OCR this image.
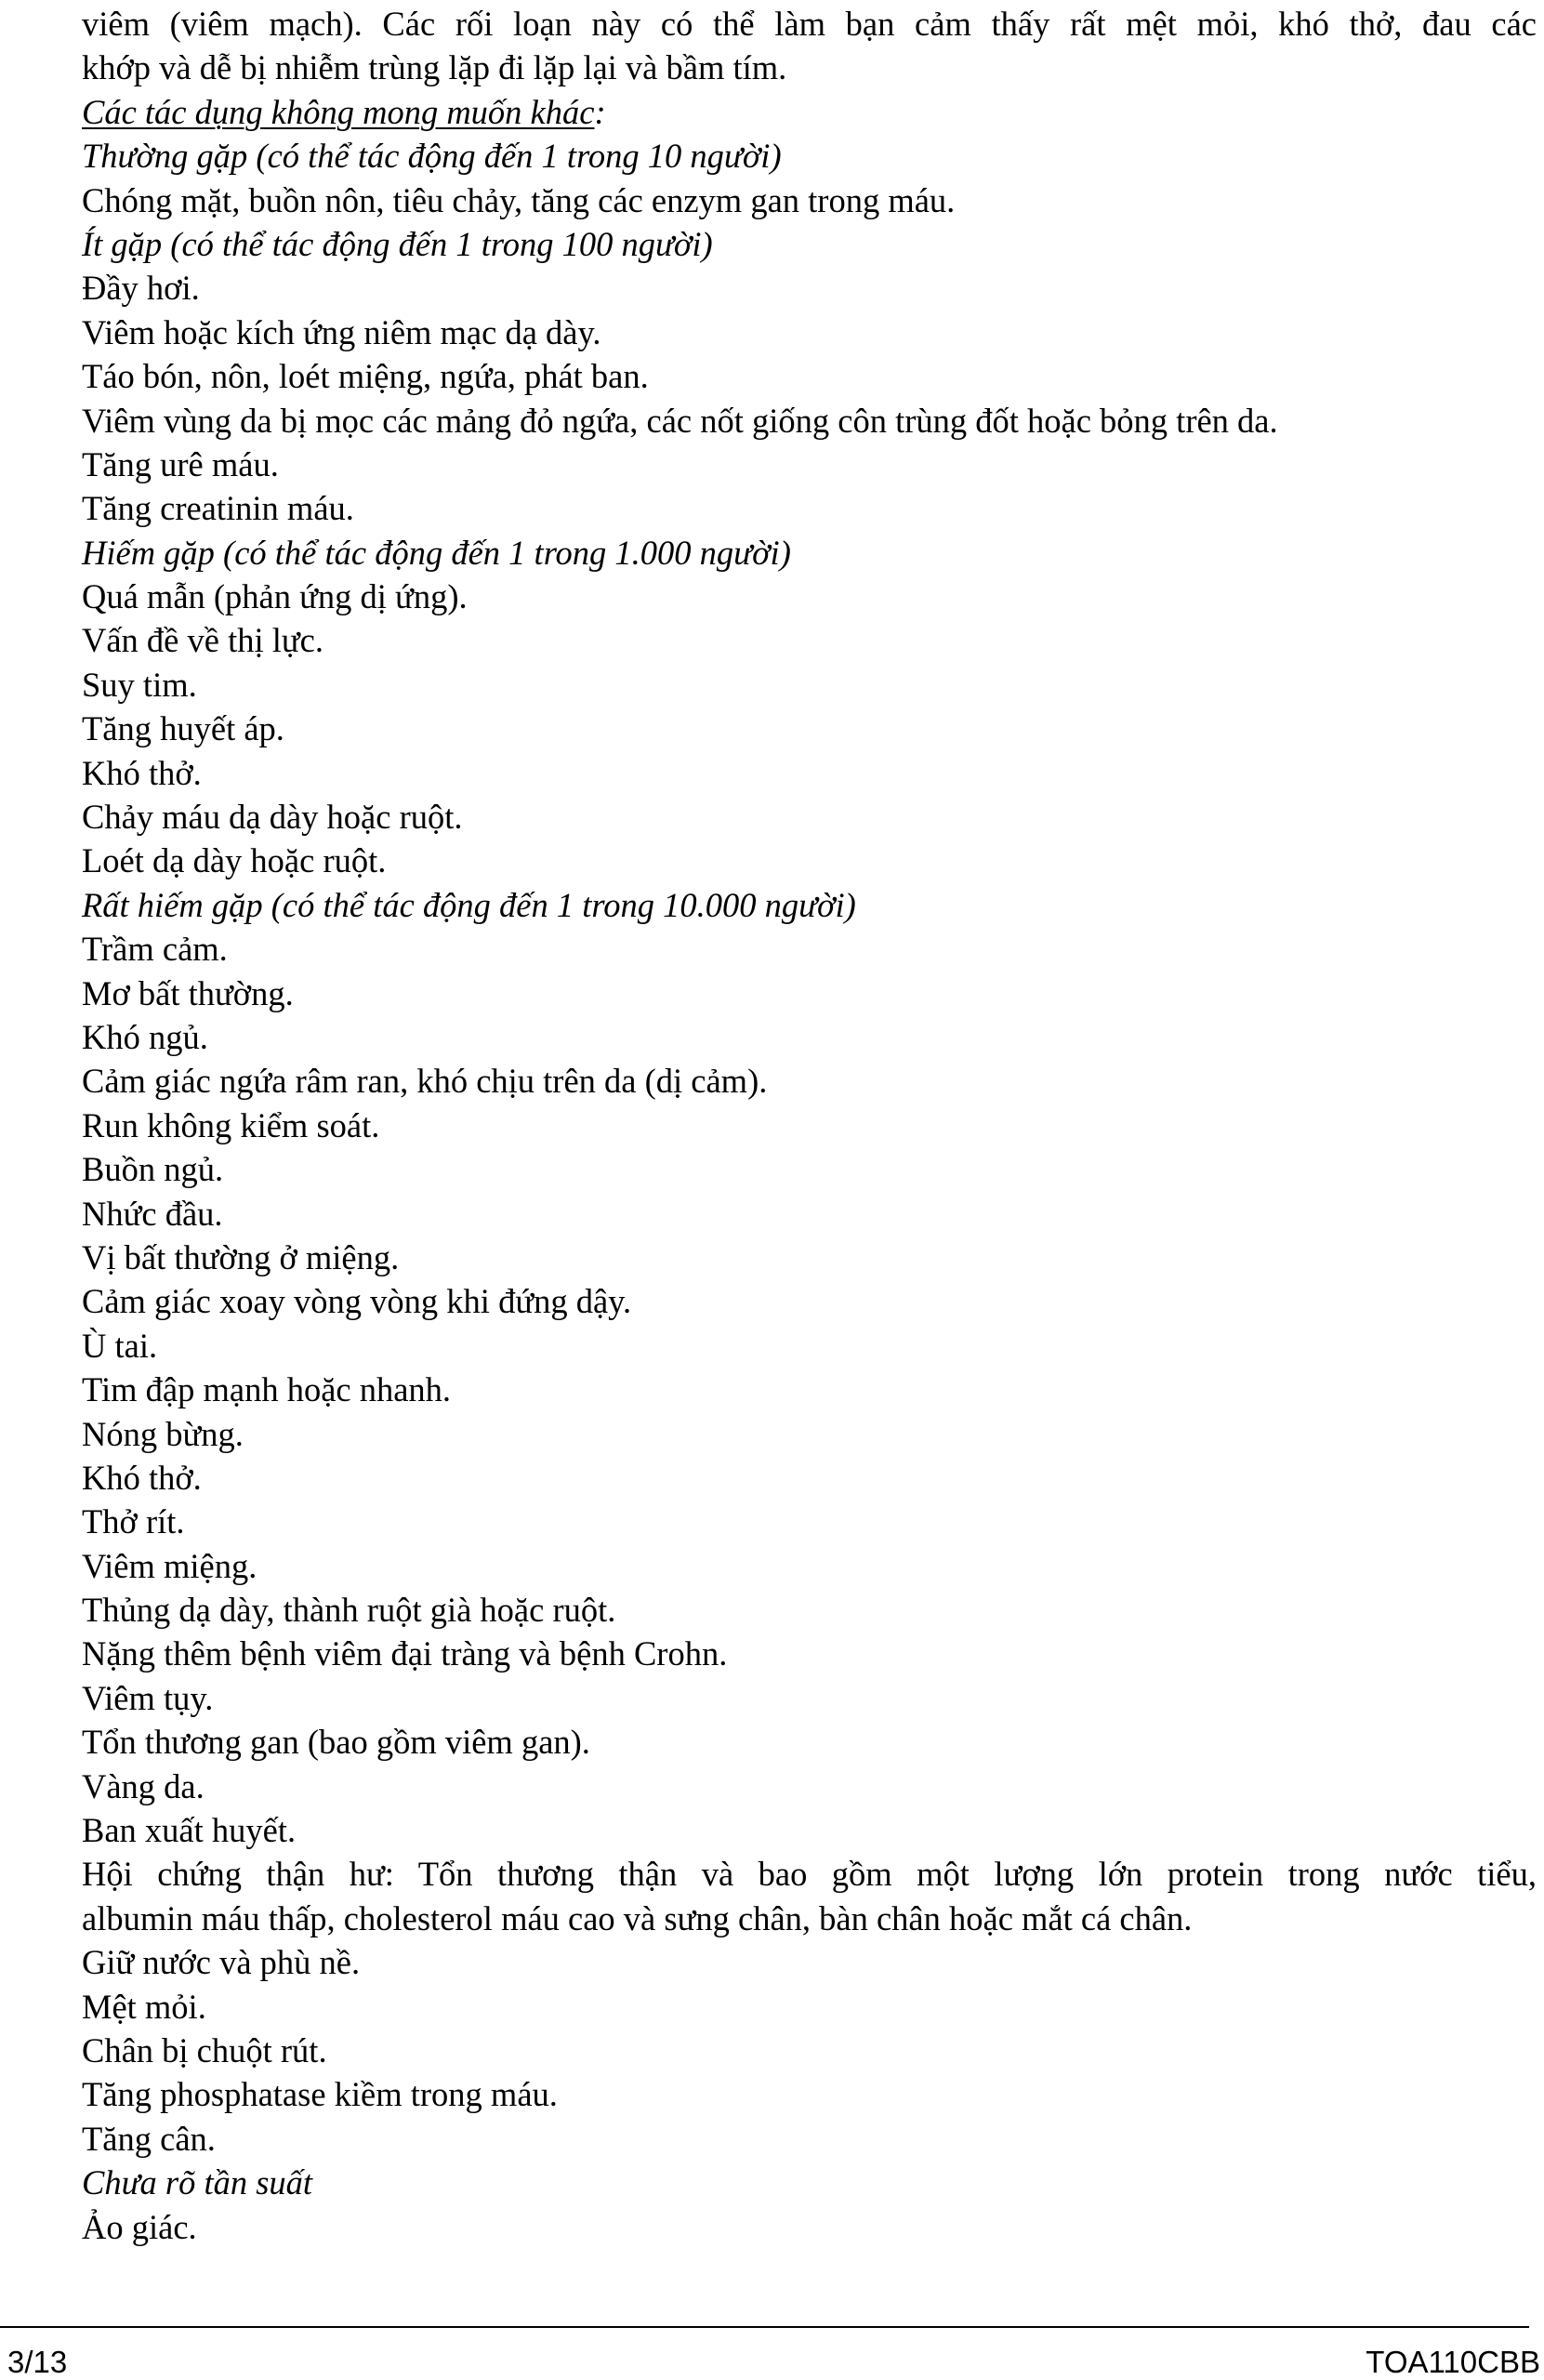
viêm (viêm mạch). Các rối loạn này có thể làm bạn cảm thấy rất mệt mỏi, khó thở, đau các
khớp và dễ bị nhiễm trùng lặp đi lặp lại và bầm tím.
Các tác dụng không mong muốn khác:
Thường gặp (có thể tác động đến 1 trong 10 người)
Chóng mặt, buồn nôn, tiêu chảy, tăng các enzym gan trong máu.
Ít gặp (có thể tác động đến 1 trong 100 người)
Đầy hơi.
Viêm hoặc kích ứng niêm mạc dạ dày.
Táo bón, nôn, loét miệng, ngứa, phát ban.
Viêm vùng da bị mọc các mảng đỏ ngứa, các nốt giống côn trùng đốt hoặc bỏng trên da.
Tăng urê máu.
Tăng creatinin máu.
Hiếm gặp (có thể tác động đến 1 trong 1.000 người)
Quá mẫn (phản ứng dị ứng).
Vấn đề về thị lực.
Suy tim.
Tăng huyết áp.
Khó thở.
Chảy máu dạ dày hoặc ruột.
Loét dạ dày hoặc ruột.
Rất hiếm gặp (có thể tác động đến 1 trong 10.000 người)
Trầm cảm.
Mơ bất thường.
Khó ngủ.
Cảm giác ngứa râm ran, khó chịu trên da (dị cảm).
Run không kiểm soát.
Buồn ngủ.
Nhức đầu.
Vị bất thường ở miệng.
Cảm giác xoay vòng vòng khi đứng dậy.
Ù tai.
Tim đập mạnh hoặc nhanh.
Nóng bừng.
Khó thở.
Thở rít.
Viêm miệng.
Thủng dạ dày, thành ruột già hoặc ruột.
Nặng thêm bệnh viêm đại tràng và bệnh Crohn.
Viêm tụy.
Tổn thương gan (bao gồm viêm gan).
Vàng da.
Ban xuất huyết.
Hội chứng thận hư: Tổn thương thận và bao gồm một lượng lớn protein trong nước tiểu,
albumin máu thấp, cholesterol máu cao và sưng chân, bàn chân hoặc mắt cá chân.
Giữ nước và phù nề.
Mệt mỏi.
Chân bị chuột rút.
Tăng phosphatase kiềm trong máu.
Tăng cân.
Chưa rõ tần suất
Ảo giác.
3/13	TOA110CBB
